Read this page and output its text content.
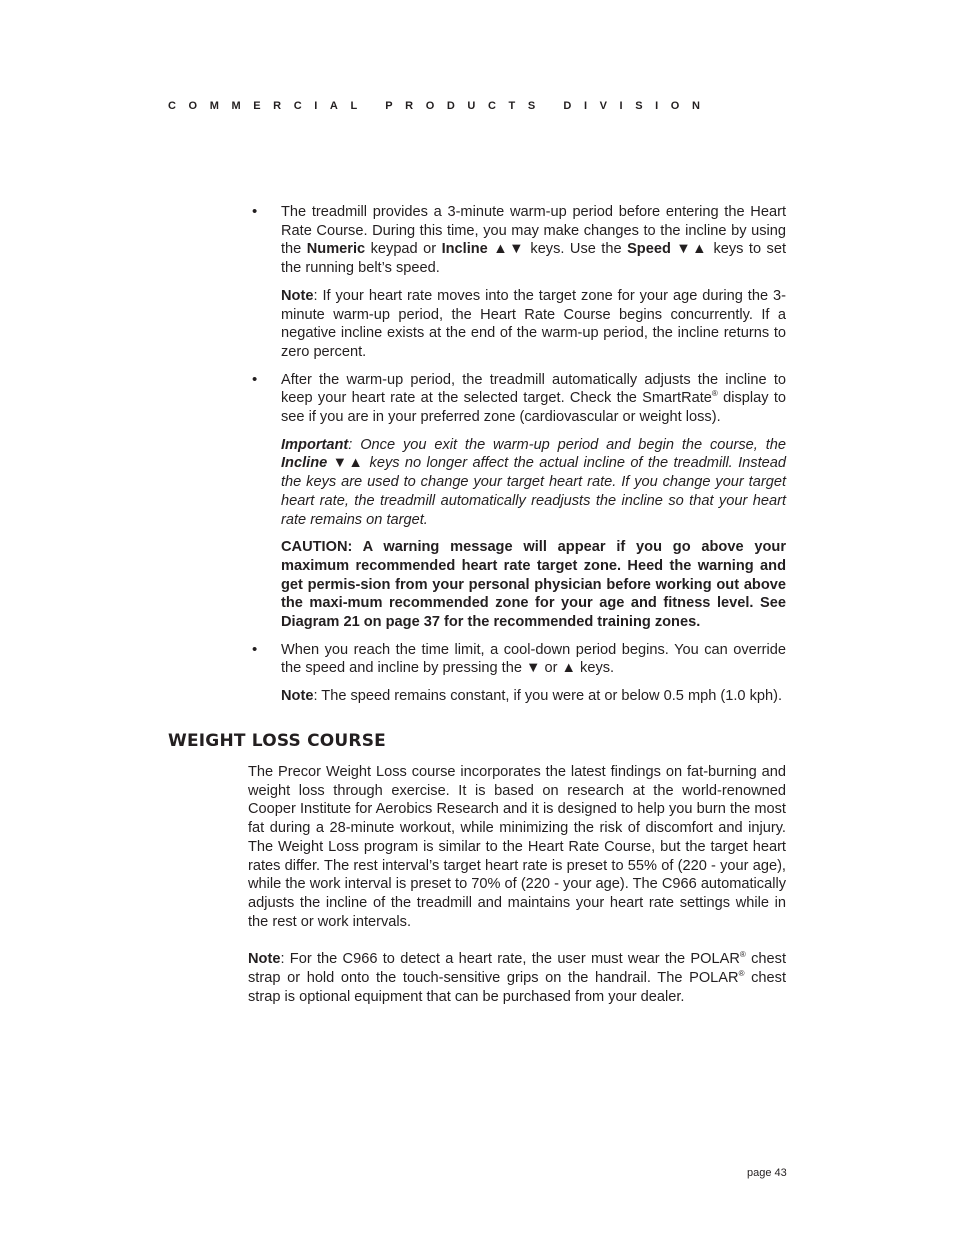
COMMERCIAL PRODUCTS DIVISION
• The treadmill provides a 3-minute warm-up period before entering the Heart Rate Course. During this time, you may make changes to the incline by using the Numeric keypad or Incline ▲▼ keys. Use the Speed ▼▲ keys to set the running belt’s speed.

Note: If your heart rate moves into the target zone for your age during the 3-minute warm-up period, the Heart Rate Course begins concurrently. If a negative incline exists at the end of the warm-up period, the incline returns to zero percent.

• After the warm-up period, the treadmill automatically adjusts the incline to keep your heart rate at the selected target. Check the SmartRate® display to see if you are in your preferred zone (cardiovascular or weight loss).

Important: Once you exit the warm-up period and begin the course, the Incline ▼▲ keys no longer affect the actual incline of the treadmill. Instead the keys are used to change your target heart rate. If you change your target heart rate, the treadmill automatically readjusts the incline so that your heart rate remains on target.

CAUTION: A warning message will appear if you go above your maximum recommended heart rate target zone. Heed the warning and get permis-sion from your personal physician before working out above the maxi-mum recommended zone for your age and fitness level. See Diagram 21 on page 37 for the recommended training zones.

• When you reach the time limit, a cool-down period begins. You can override the speed and incline by pressing the ▼ or ▲ keys.

Note: The speed remains constant, if you were at or below 0.5 mph (1.0 kph).

WEIGHT LOSS COURSE

The Precor Weight Loss course incorporates the latest findings on fat-burning and weight loss through exercise. It is based on research at the world-renowned Cooper Institute for Aerobics Research and it is designed to help you burn the most fat during a 28-minute workout, while minimizing the risk of discomfort and injury. The Weight Loss program is similar to the Heart Rate Course, but the target heart rates differ. The rest interval’s target heart rate is preset to 55% of (220 - your age), while the work interval is preset to 70% of (220 - your age). The C966 automatically adjusts the incline of the treadmill and maintains your heart rate settings while in the rest or work intervals.

Note: For the C966 to detect a heart rate, the user must wear the POLAR® chest strap or hold onto the touch-sensitive grips on the handrail. The POLAR® chest strap is optional equipment that can be purchased from your dealer.

page 43
